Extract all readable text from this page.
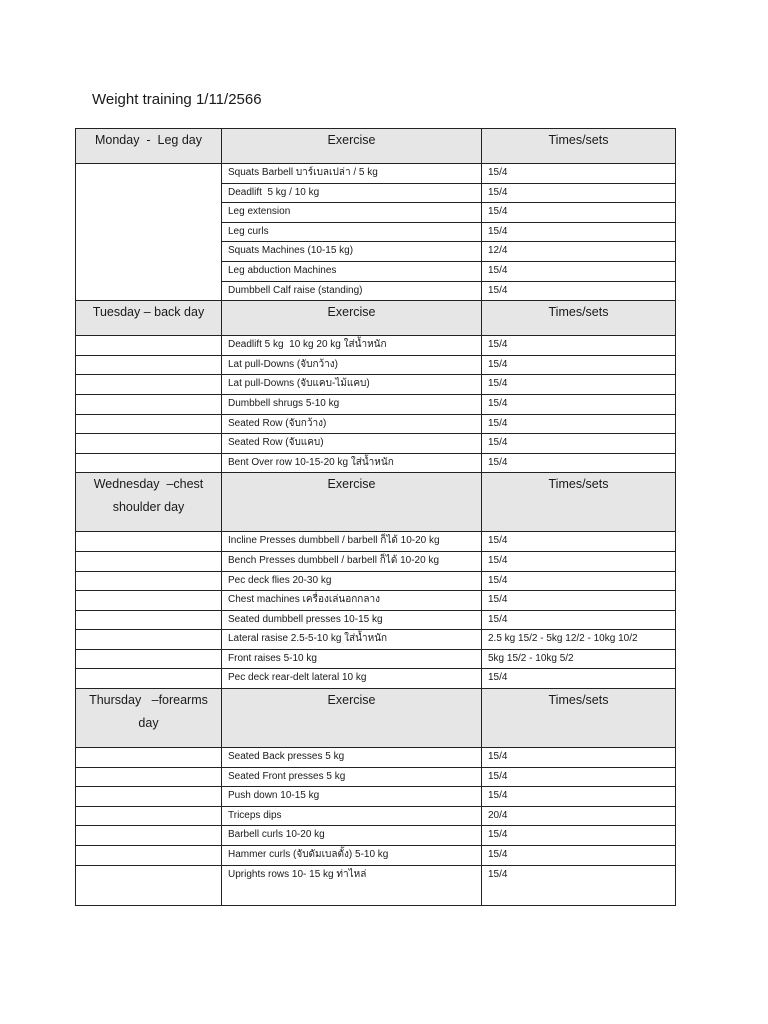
Weight training 1/11/2566
Monday  -  Leg day	Exercise	Times/sets
	Squats Barbell บาร์เบลเปล่า / 5 kg	15/4
	Deadlift  5 kg / 10 kg	15/4
	Leg extension	15/4
	Leg curls	15/4
	Squats Machines (10-15 kg)	12/4
	Leg abduction Machines	15/4
	Dumbbell Calf raise (standing)	15/4

Tuesday – back day	Exercise	Times/sets
	Deadlift 5 kg  10 kg 20 kg ใส่น้ำหนัก	15/4
	Lat pull-Downs (จับกว้าง)	15/4
	Lat pull-Downs (จับแคบ-ไม้แคบ)	15/4
	Dumbbell shrugs 5-10 kg	15/4
	Seated Row (จับกว้าง)	15/4
	Seated Row (จับแคบ)	15/4
	Bent Over row 10-15-20 kg ใส่น้ำหนัก	15/4

Wednesday  –chest
shoulder day	Exercise	Times/sets
	Incline Presses dumbbell / barbell ก็ได้ 10-20 kg	15/4
	Bench Presses dumbbell / barbell ก็ได้ 10-20 kg	15/4
	Pec deck flies 20-30 kg	15/4
	Chest machines เครื่องเล่นอกกลาง	15/4
	Seated dumbbell presses 10-15 kg	15/4
	Lateral rasise 2.5-5-10 kg ใส่น้ำหนัก	2.5 kg 15/2 - 5kg 12/2 - 10kg 10/2
	Front raises 5-10 kg	5kg 15/2 - 10kg 5/2
	Pec deck rear-delt lateral 10 kg	15/4

Thursday   –forearms
day	Exercise	Times/sets
	Seated Back presses 5 kg	15/4
	Seated Front presses 5 kg	15/4
	Push down 10-15 kg	15/4
	Triceps dips	20/4
	Barbell curls 10-20 kg	15/4
	Hammer curls (จับดัมเบลตั้ง) 5-10 kg	15/4
	Uprights rows 10- 15 kg ท่าไหล่	15/4
